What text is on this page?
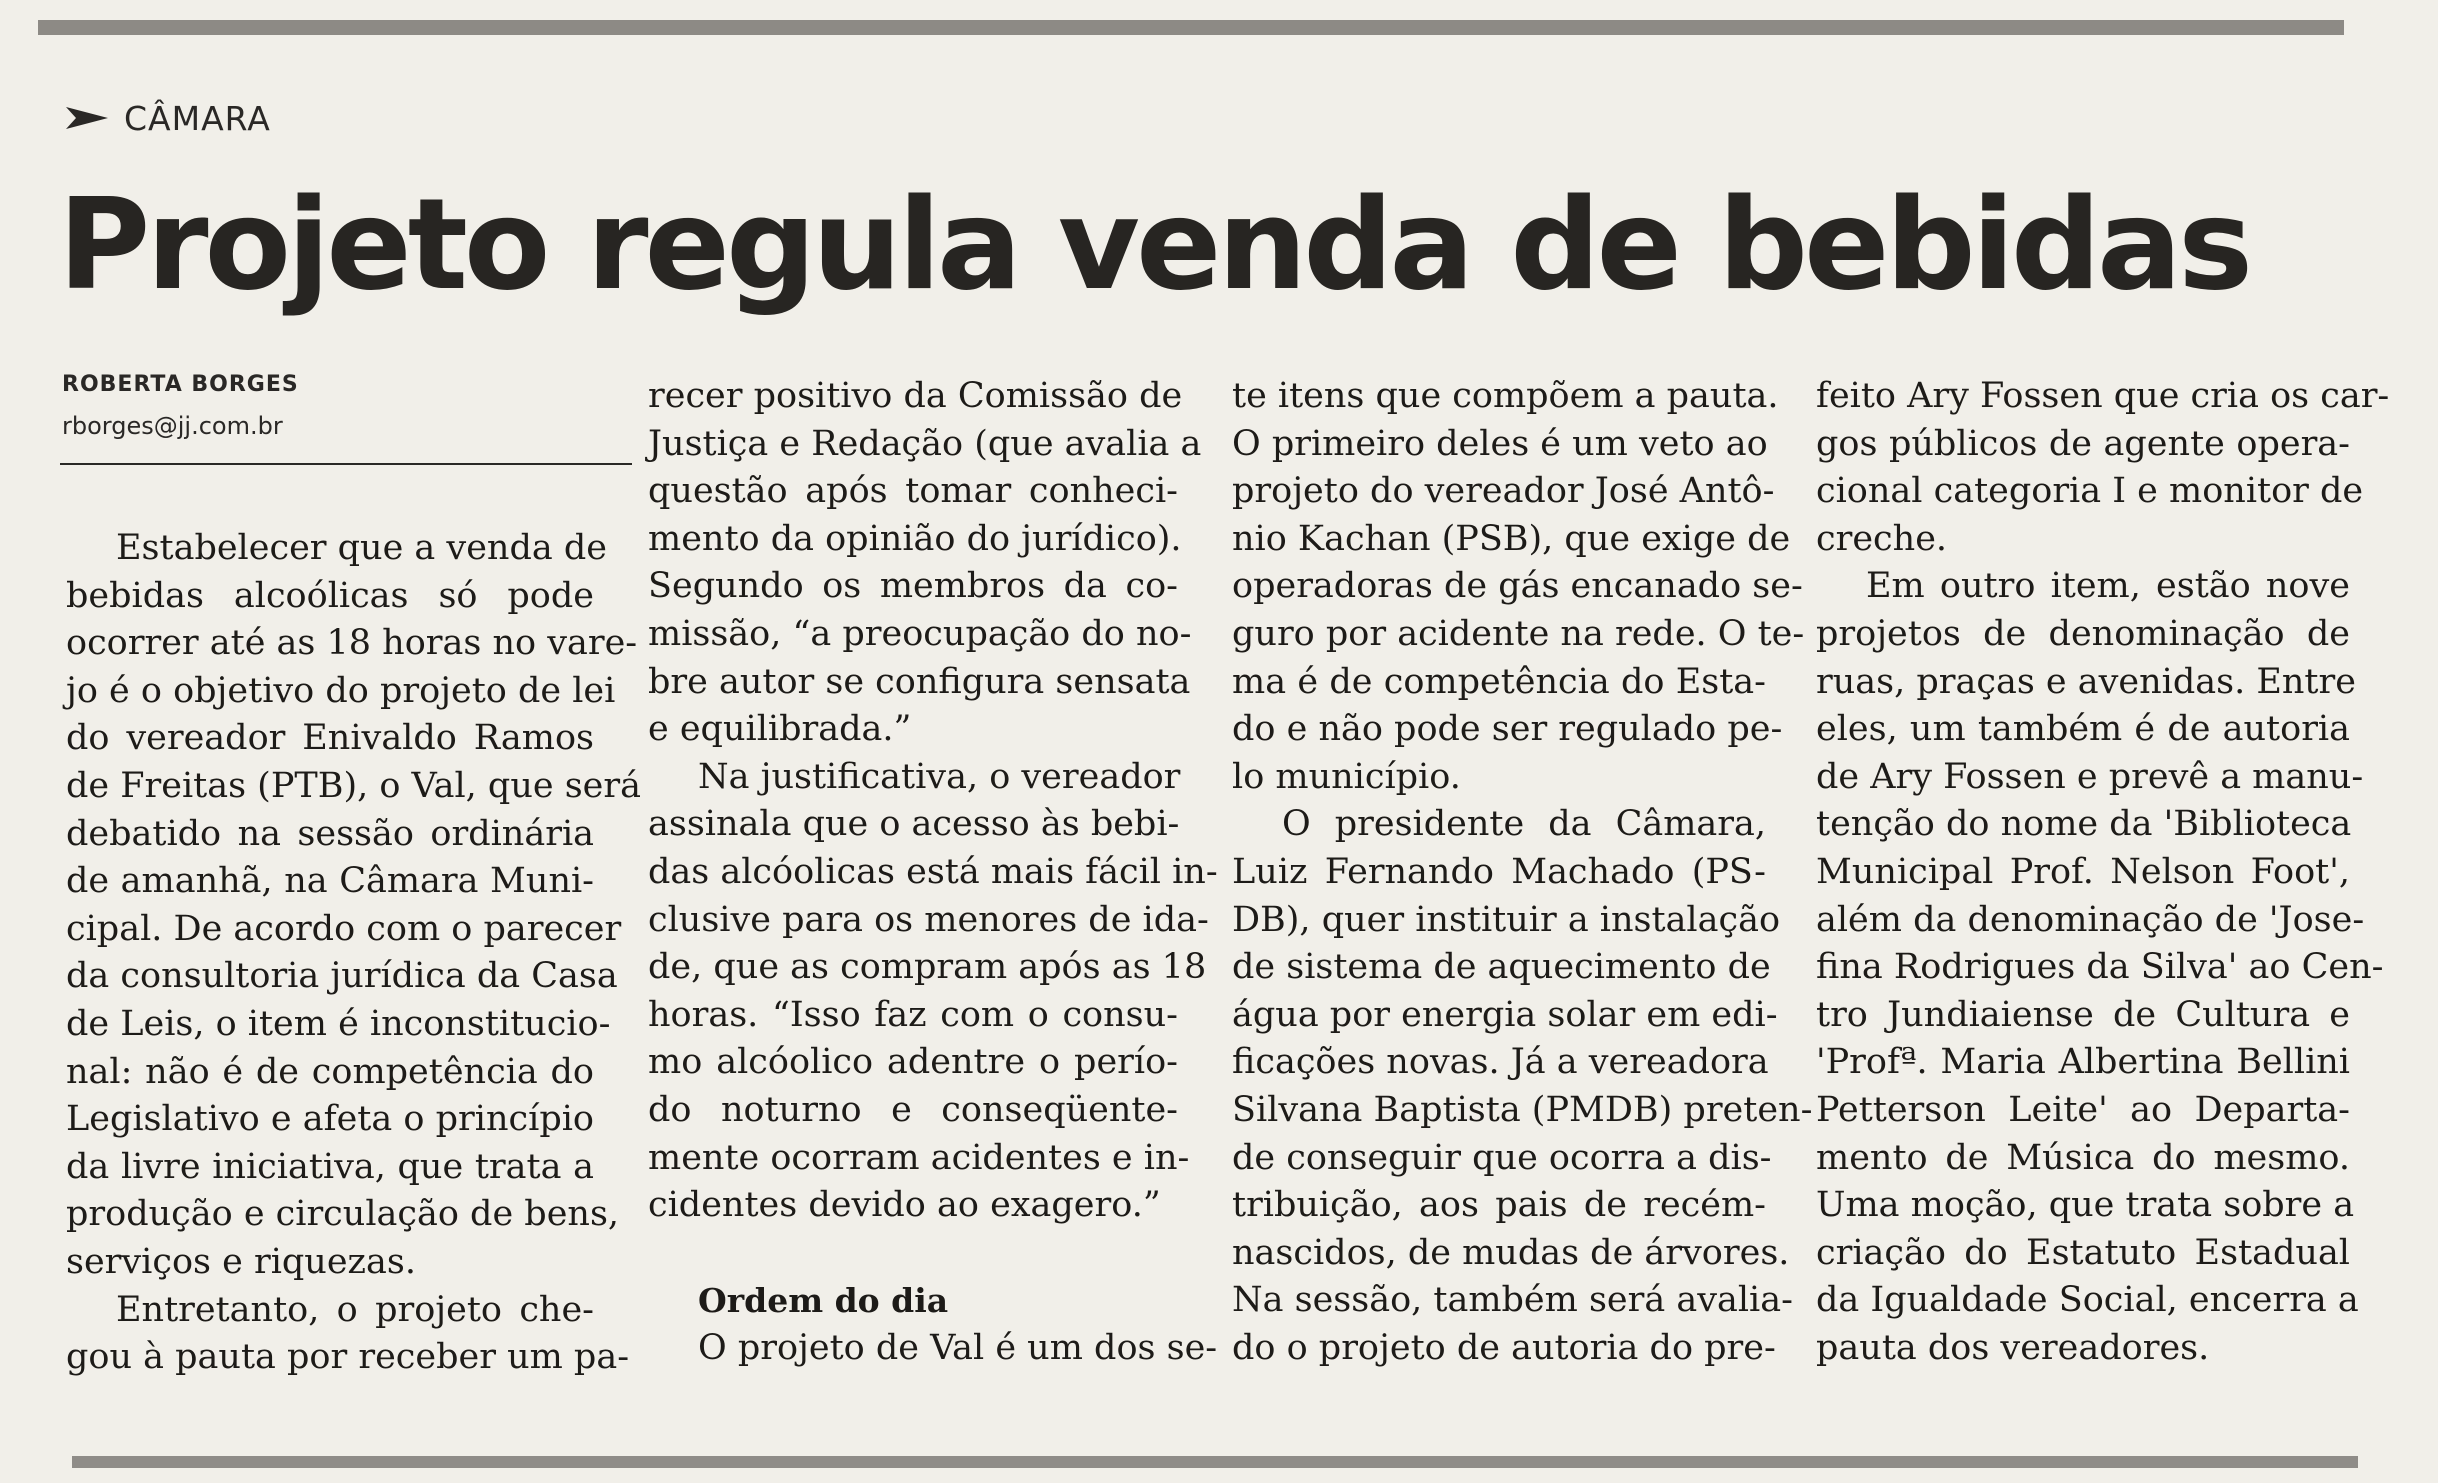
CÂMARA
Projeto regula venda de bebidas
ROBERTA BORGES
rborges@jj.com.br
Estabelecer que a venda de
bebidas alcoólicas só pode
ocorrer até as 18 horas no vare-
jo é o objetivo do projeto de lei
do vereador Enivaldo Ramos
de Freitas (PTB), o Val, que será
debatido na sessão ordinária
de amanhã, na Câmara Muni-
cipal. De acordo com o parecer
da consultoria jurídica da Casa
de Leis, o item é inconstitucio-
nal: não é de competência do
Legislativo e afeta o princípio
da livre iniciativa, que trata a
produção e circulação de bens,
serviços e riquezas.
Entretanto, o projeto che-
gou à pauta por receber um pa-
recer positivo da Comissão de
Justiça e Redação (que avalia a
questão após tomar conheci-
mento da opinião do jurídico).
Segundo os membros da co-
missão, “a preocupação do no-
bre autor se configura sensata
e equilibrada.”
Na justificativa, o vereador
assinala que o acesso às bebi-
das alcóolicas está mais fácil in-
clusive para os menores de ida-
de, que as compram após as 18
horas. “Isso faz com o consu-
mo alcóolico adentre o perío-
do noturno e conseqüente-
mente ocorram acidentes e in-
cidentes devido ao exagero.”
Ordem do dia
O projeto de Val é um dos se-
te itens que compõem a pauta.
O primeiro deles é um veto ao
projeto do vereador José Antô-
nio Kachan (PSB), que exige de
operadoras de gás encanado se-
guro por acidente na rede. O te-
ma é de competência do Esta-
do e não pode ser regulado pe-
lo município.
O presidente da Câmara,
Luiz Fernando Machado (PS-
DB), quer instituir a instalação
de sistema de aquecimento de
água por energia solar em edi-
ficações novas. Já a vereadora
Silvana Baptista (PMDB) preten-
de conseguir que ocorra a dis-
tribuição, aos pais de recém-
nascidos, de mudas de árvores.
Na sessão, também será avalia-
do o projeto de autoria do pre-
feito Ary Fossen que cria os car-
gos públicos de agente opera-
cional categoria I e monitor de
creche.
Em outro item, estão nove
projetos de denominação de
ruas, praças e avenidas. Entre
eles, um também é de autoria
de Ary Fossen e prevê a manu-
tenção do nome da 'Biblioteca
Municipal Prof. Nelson Foot',
além da denominação de 'Jose-
fina Rodrigues da Silva' ao Cen-
tro Jundiaiense de Cultura e
'Profª. Maria Albertina Bellini
Petterson Leite' ao Departa-
mento de Música do mesmo.
Uma moção, que trata sobre a
criação do Estatuto Estadual
da Igualdade Social, encerra a
pauta dos vereadores.
